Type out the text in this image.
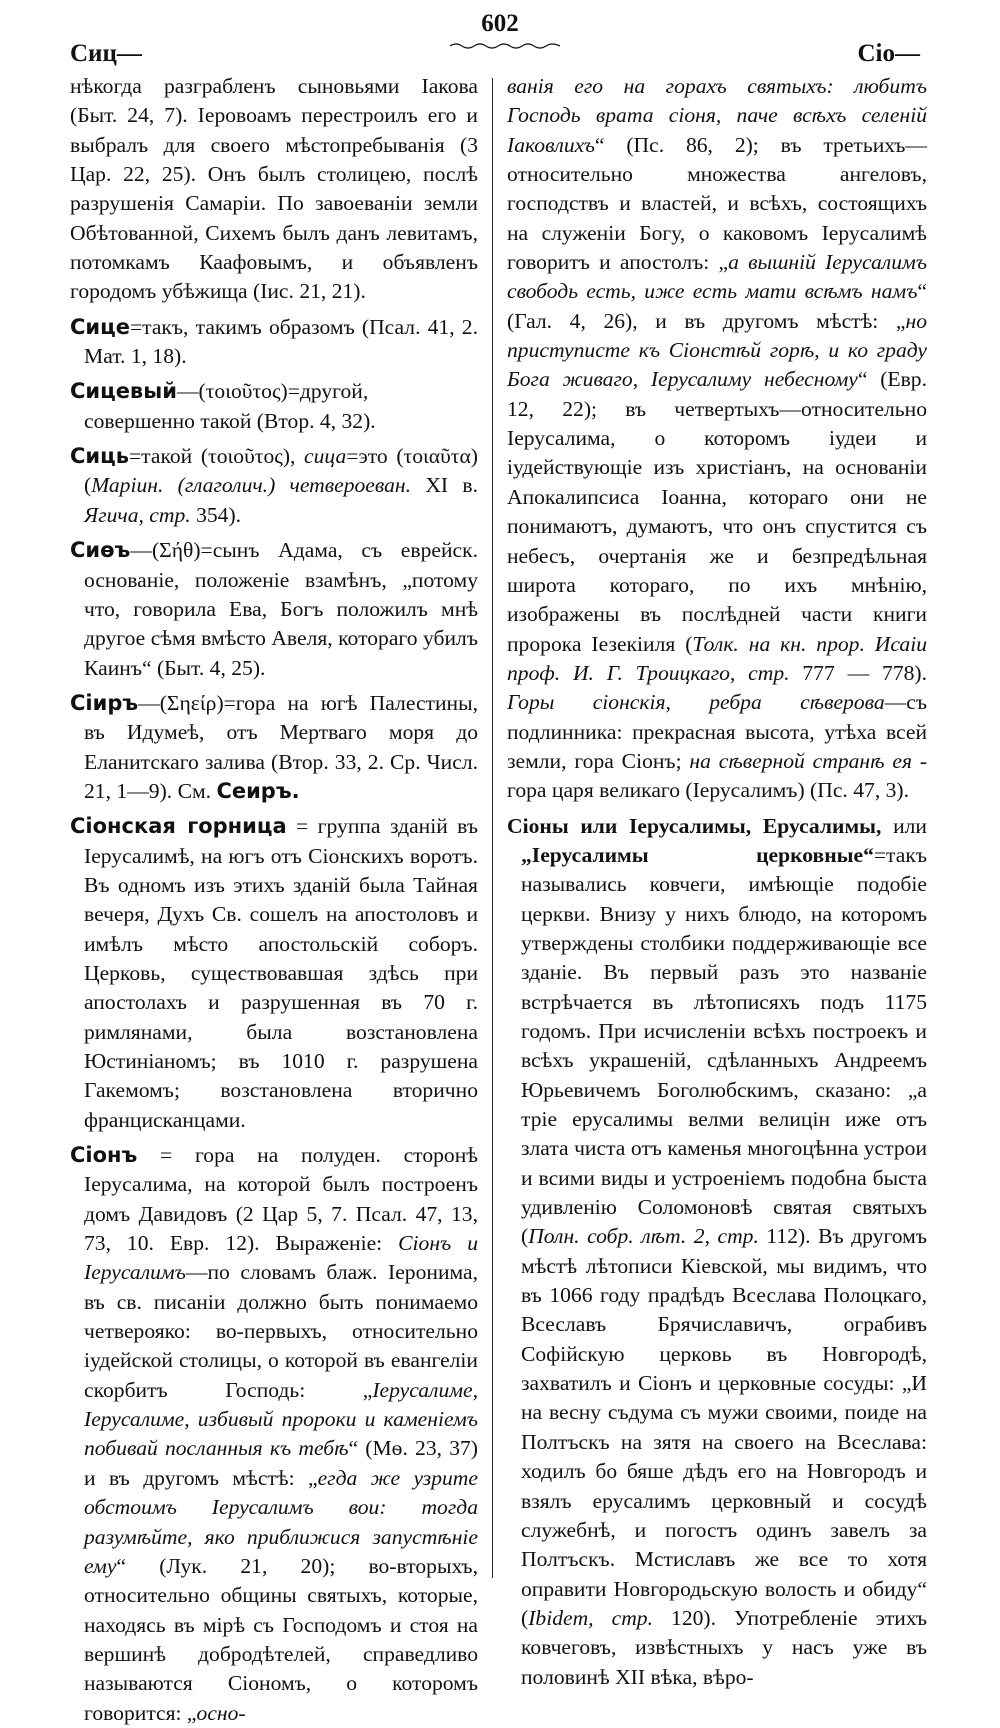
Сиц—
602
Сіо—

нѣкогда разграбленъ сыновьями Іакова (Быт. 24, 7). Іеровоамъ перестроилъ его и выбралъ для своего мѣстопребыванія (3 Цар. 22, 25). Онъ былъ столицею, послѣ разрушенія Самаріи. По завоеваніи земли Обѣтованной, Сихемъ былъ данъ левитамъ, потомкамъ Каафовымъ, и объявленъ городомъ убѣжища (Іис. 21, 21).

Сице=такъ, такимъ образомъ (Псал. 41, 2. Мат. 1, 18).

Сицевый—(τοιοῦτος)=другой, совершенно такой (Втор. 4, 32).

Сиць=такой (τοιοῦτος), сица=это (τοιαῦτα) (Маріин. (глаголич.) четвероеван. XI в. Ягича, стр. 354).

Сиѳъ—(Σήθ)=сынъ Адама, съ еврейск. основаніе, положеніе взамѣнъ, „потому что, говорила Ева, Богъ положилъ мнѣ другое сѣмя вмѣсто Авеля, котораго убилъ Каинъ“ (Быт. 4, 25).

Сіиръ—(Σηείρ)=гора на югѣ Палестины, въ Идумеѣ, отъ Мертваго моря до Еланитскаго залива (Втор. 33, 2. Ср. Числ. 21, 1—9). См. Сеиръ.

Сіонская горница = группа зданій въ Іерусалимѣ, на югъ отъ Сіонскихъ воротъ. Въ одномъ изъ этихъ зданій была Тайная вечеря, Духъ Св. сошелъ на апостоловъ и имѣлъ мѣсто апостольскій соборъ. Церковь, существовавшая здѣсь при апостолахъ и разрушенная въ 70 г. римлянами, была возстановлена Юстиніаномъ; въ 1010 г. разрушена Гакемомъ; возстановлена вторично францисканцами.

Сіонъ = гора на полуден. сторонѣ Іерусалима, на которой былъ построенъ домъ Давидовъ (2 Цар 5, 7. Псал. 47, 13, 73, 10. Евр. 12). Выраженіе: Сіонъ и Іерусалимъ—по словамъ блаж. Іеронима, въ св. писаніи должно быть понимаемо четверояко: во-первыхъ, относительно іудейской столицы, о которой въ евангеліи скорбитъ Господь: „Іерусалиме, Іерусалиме, избивый пророки и каменіемъ побивай посланныя къ тебѣ“ (Мѳ. 23, 37) и въ другомъ мѣстѣ: „егда же узрите обстоимъ Іерусалимъ вои: тогда разумѣйте, яко приближися запустѣніе ему“ (Лук. 21, 20); во-вторыхъ, относительно общины святыхъ, которые, находясь въ мірѣ съ Господомъ и стоя на вершинѣ добродѣтелей, справедливо называются Сіономъ, о которомъ говорится: „осно-

ванія его на горахъ святыхъ: любитъ Господь врата сіоня, паче всѣхъ селеній Іаковлихъ“ (Пс. 86, 2); въ третьихъ—относительно множества ангеловъ, господствъ и властей, и всѣхъ, состоящихъ на служеніи Богу, о каковомъ Іерусалимѣ говоритъ и апостолъ: „а вышній Іерусалимъ свободь есть, иже есть мати всѣмъ намъ“ (Гал. 4, 26), и въ другомъ мѣстѣ: „но приступисте къ Сіонстѣй горѣ, и ко граду Бога живаго, Іерусалиму небесному“ (Евр. 12, 22); въ четвертыхъ—относительно Іерусалима, о которомъ іудеи и іудействующіе изъ христіанъ, на основаніи Апокалипсиса Іоанна, котораго они не понимаютъ, думаютъ, что онъ спустится съ небесъ, очертанія же и безпредѣльная широта котораго, по ихъ мнѣнію, изображены въ послѣдней части книги пророка Іезекіиля (Толк. на кн. прор. Исаіи проф. И. Г. Троицкаго, стр. 777 — 778). Горы сіонскія, ребра сѣверова—съ подлинника: прекрасная высота, утѣха всей земли, гора Сіонъ; на сѣверной странѣ ея - гора царя великаго (Іерусалимъ) (Пс. 47, 3).

Сіоны или Іерусалимы, Ерусалимы, или „Іерусалимы церковные“=такъ назывались ковчеги, имѣющіе подобіе церкви. Внизу у нихъ блюдо, на которомъ утверждены столбики поддерживающіе все зданіе. Въ первый разъ это названіе встрѣчается въ лѣтописяхъ подъ 1175 годомъ. При исчисленіи всѣхъ построекъ и всѣхъ украшеній, сдѣланныхъ Андреемъ Юрьевичемъ Боголюбскимъ, сказано: „а тріе ерусалимы велми велицін иже отъ злата чиста отъ каменья многоцѣнна устрои и всими виды и устроеніемъ подобна быста удивленію Соломоновѣ святая святыхъ (Полн. собр. лѣт. 2, стр. 112). Въ другомъ мѣстѣ лѣтописи Кіевской, мы видимъ, что въ 1066 году прадѣдъ Всеслава Полоцкаго, Всеславъ Брячиславичъ, ограбивъ Софійскую церковь въ Новгородѣ, захватилъ и Сіонъ и церковные сосуды: „И на весну съдума съ мужи своими, поиде на Полтъскъ на зятя на своего на Всеслава: ходилъ бо бяше дѣдъ его на Новгородъ и взялъ ерусалимъ церковный и сосудѣ служебнѣ, и погостъ одинъ завелъ за Полтъскъ. Мстиславъ же все то хотя оправити Новгородьскую волость и обиду“ (Ibidem, стр. 120). Употребленіе этихъ ковчеговъ, извѣстныхъ у насъ уже въ половинѣ XII вѣка, вѣро-
